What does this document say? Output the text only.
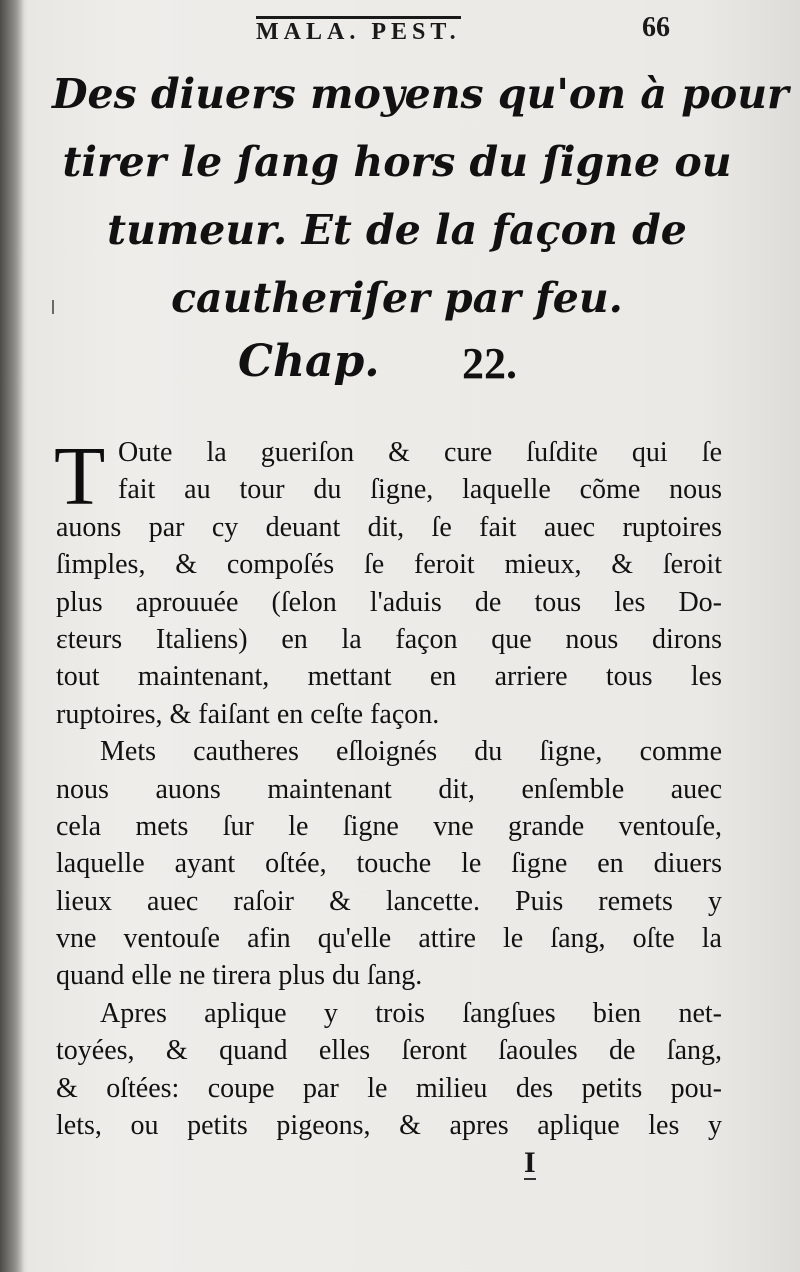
MALA. PEST.	66
Des diuers moyens qu'on à pour
tirer le ſang hors du ſigne ou
tumeur. Et de la façon de
cautheriſer par feu.
Chap. 22.
T Oute la gueriſon & cure ſuſdite qui ſe
fait au tour du ſigne, laquelle cõme nous
auons par cy deuant dit, ſe fait auec ruptoires
ſimples, & compoſés ſe feroit mieux, & ſeroit
plus aprouuée (ſelon l'aduis de tous les Do-
ɛteurs Italiens) en la façon que nous dirons
tout maintenant, mettant en arriere tous les
ruptoires, & faiſant en ceſte façon.
Mets cautheres eſloignés du ſigne, comme
nous auons maintenant dit, enſemble auec
cela mets ſur le ſigne vne grande ventouſe,
laquelle ayant oſtée, touche le ſigne en diuers
lieux auec raſoir & lancette. Puis remets y
vne ventouſe afin qu'elle attire le ſang, oſte la
quand elle ne tirera plus du ſang.
Apres aplique y trois ſangſues bien net-
toyées, & quand elles ſeront ſaoules de ſang,
& oſtées: coupe par le milieu des petits pou-
lets, ou petits pigeons, & apres aplique les y
I
